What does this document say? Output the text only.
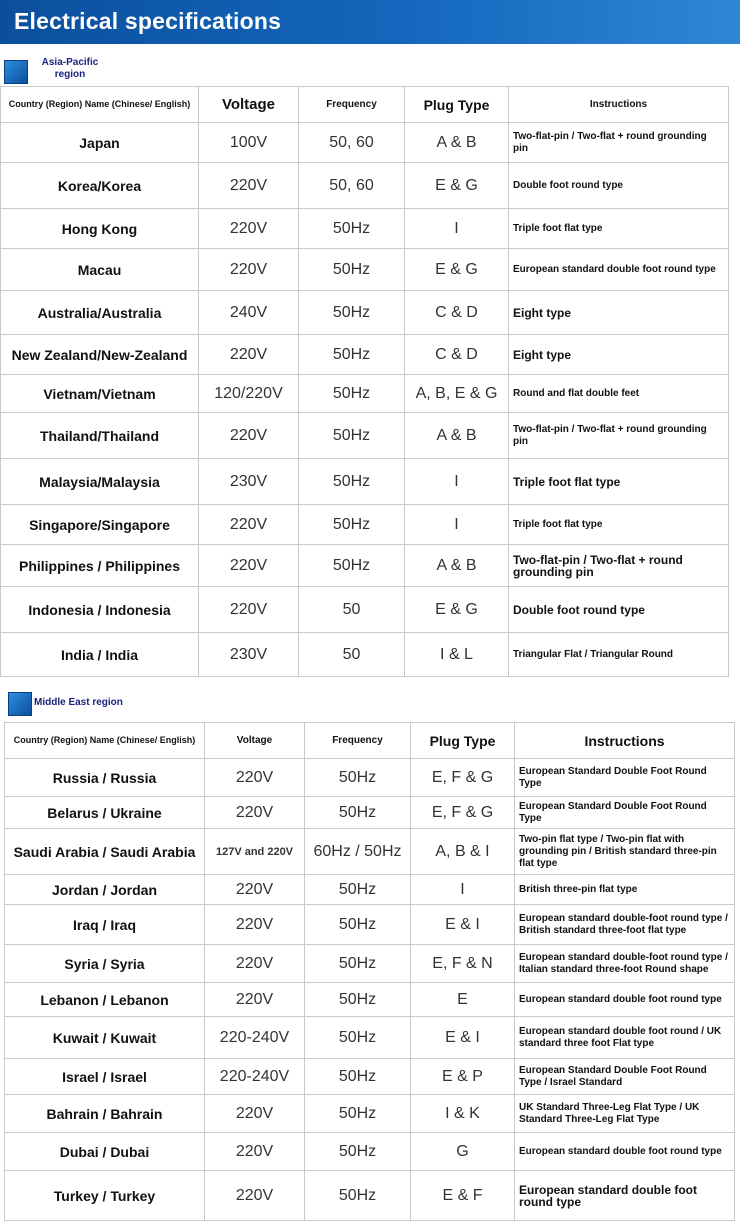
Electrical specifications
Asia-Pacific region
Country (Region) Name (Chinese/ English)	Voltage	Frequency	Plug Type	Instructions
Japan	100V	50, 60	A & B	Two-flat-pin / Two-flat + round grounding pin
Korea/Korea	220V	50, 60	E & G	Double foot round type
Hong Kong	220V	50Hz	I	Triple foot flat type
Macau	220V	50Hz	E & G	European standard double foot round type
Australia/Australia	240V	50Hz	C & D	Eight type
New Zealand/New-Zealand	220V	50Hz	C & D	Eight type
Vietnam/Vietnam	120/220V	50Hz	A, B, E & G	Round and flat double feet
Thailand/Thailand	220V	50Hz	A & B	Two-flat-pin / Two-flat + round grounding pin
Malaysia/Malaysia	230V	50Hz	I	Triple foot flat type
Singapore/Singapore	220V	50Hz	I	Triple foot flat type
Philippines / Philippines	220V	50Hz	A & B	Two-flat-pin / Two-flat + round grounding pin
Indonesia / Indonesia	220V	50	E & G	Double foot round type
India / India	230V	50	I & L	Triangular Flat / Triangular Round
Middle East region
Country (Region) Name (Chinese/ English)	Voltage	Frequency	Plug Type	Instructions
Russia / Russia	220V	50Hz	E, F & G	European Standard Double Foot Round Type
Belarus / Ukraine	220V	50Hz	E, F & G	European Standard Double Foot Round Type
Saudi Arabia / Saudi Arabia	127V and 220V	60Hz / 50Hz	A, B & I	Two-pin flat type / Two-pin flat with grounding pin / British standard three-pin flat type
Jordan / Jordan	220V	50Hz	I	British three-pin flat type
Iraq / Iraq	220V	50Hz	E & I	European standard double-foot round type / British standard three-foot flat type
Syria / Syria	220V	50Hz	E, F & N	European standard double-foot round type / Italian standard three-foot Round shape
Lebanon / Lebanon	220V	50Hz	E	European standard double foot round type
Kuwait / Kuwait	220-240V	50Hz	E & I	European standard double foot round / UK standard three foot Flat type
Israel / Israel	220-240V	50Hz	E & P	European Standard Double Foot Round Type / Israel Standard
Bahrain / Bahrain	220V	50Hz	I & K	UK Standard Three-Leg Flat Type / UK Standard Three-Leg Flat Type
Dubai / Dubai	220V	50Hz	G	European standard double foot round type
Turkey / Turkey	220V	50Hz	E & F	European standard double foot round type
